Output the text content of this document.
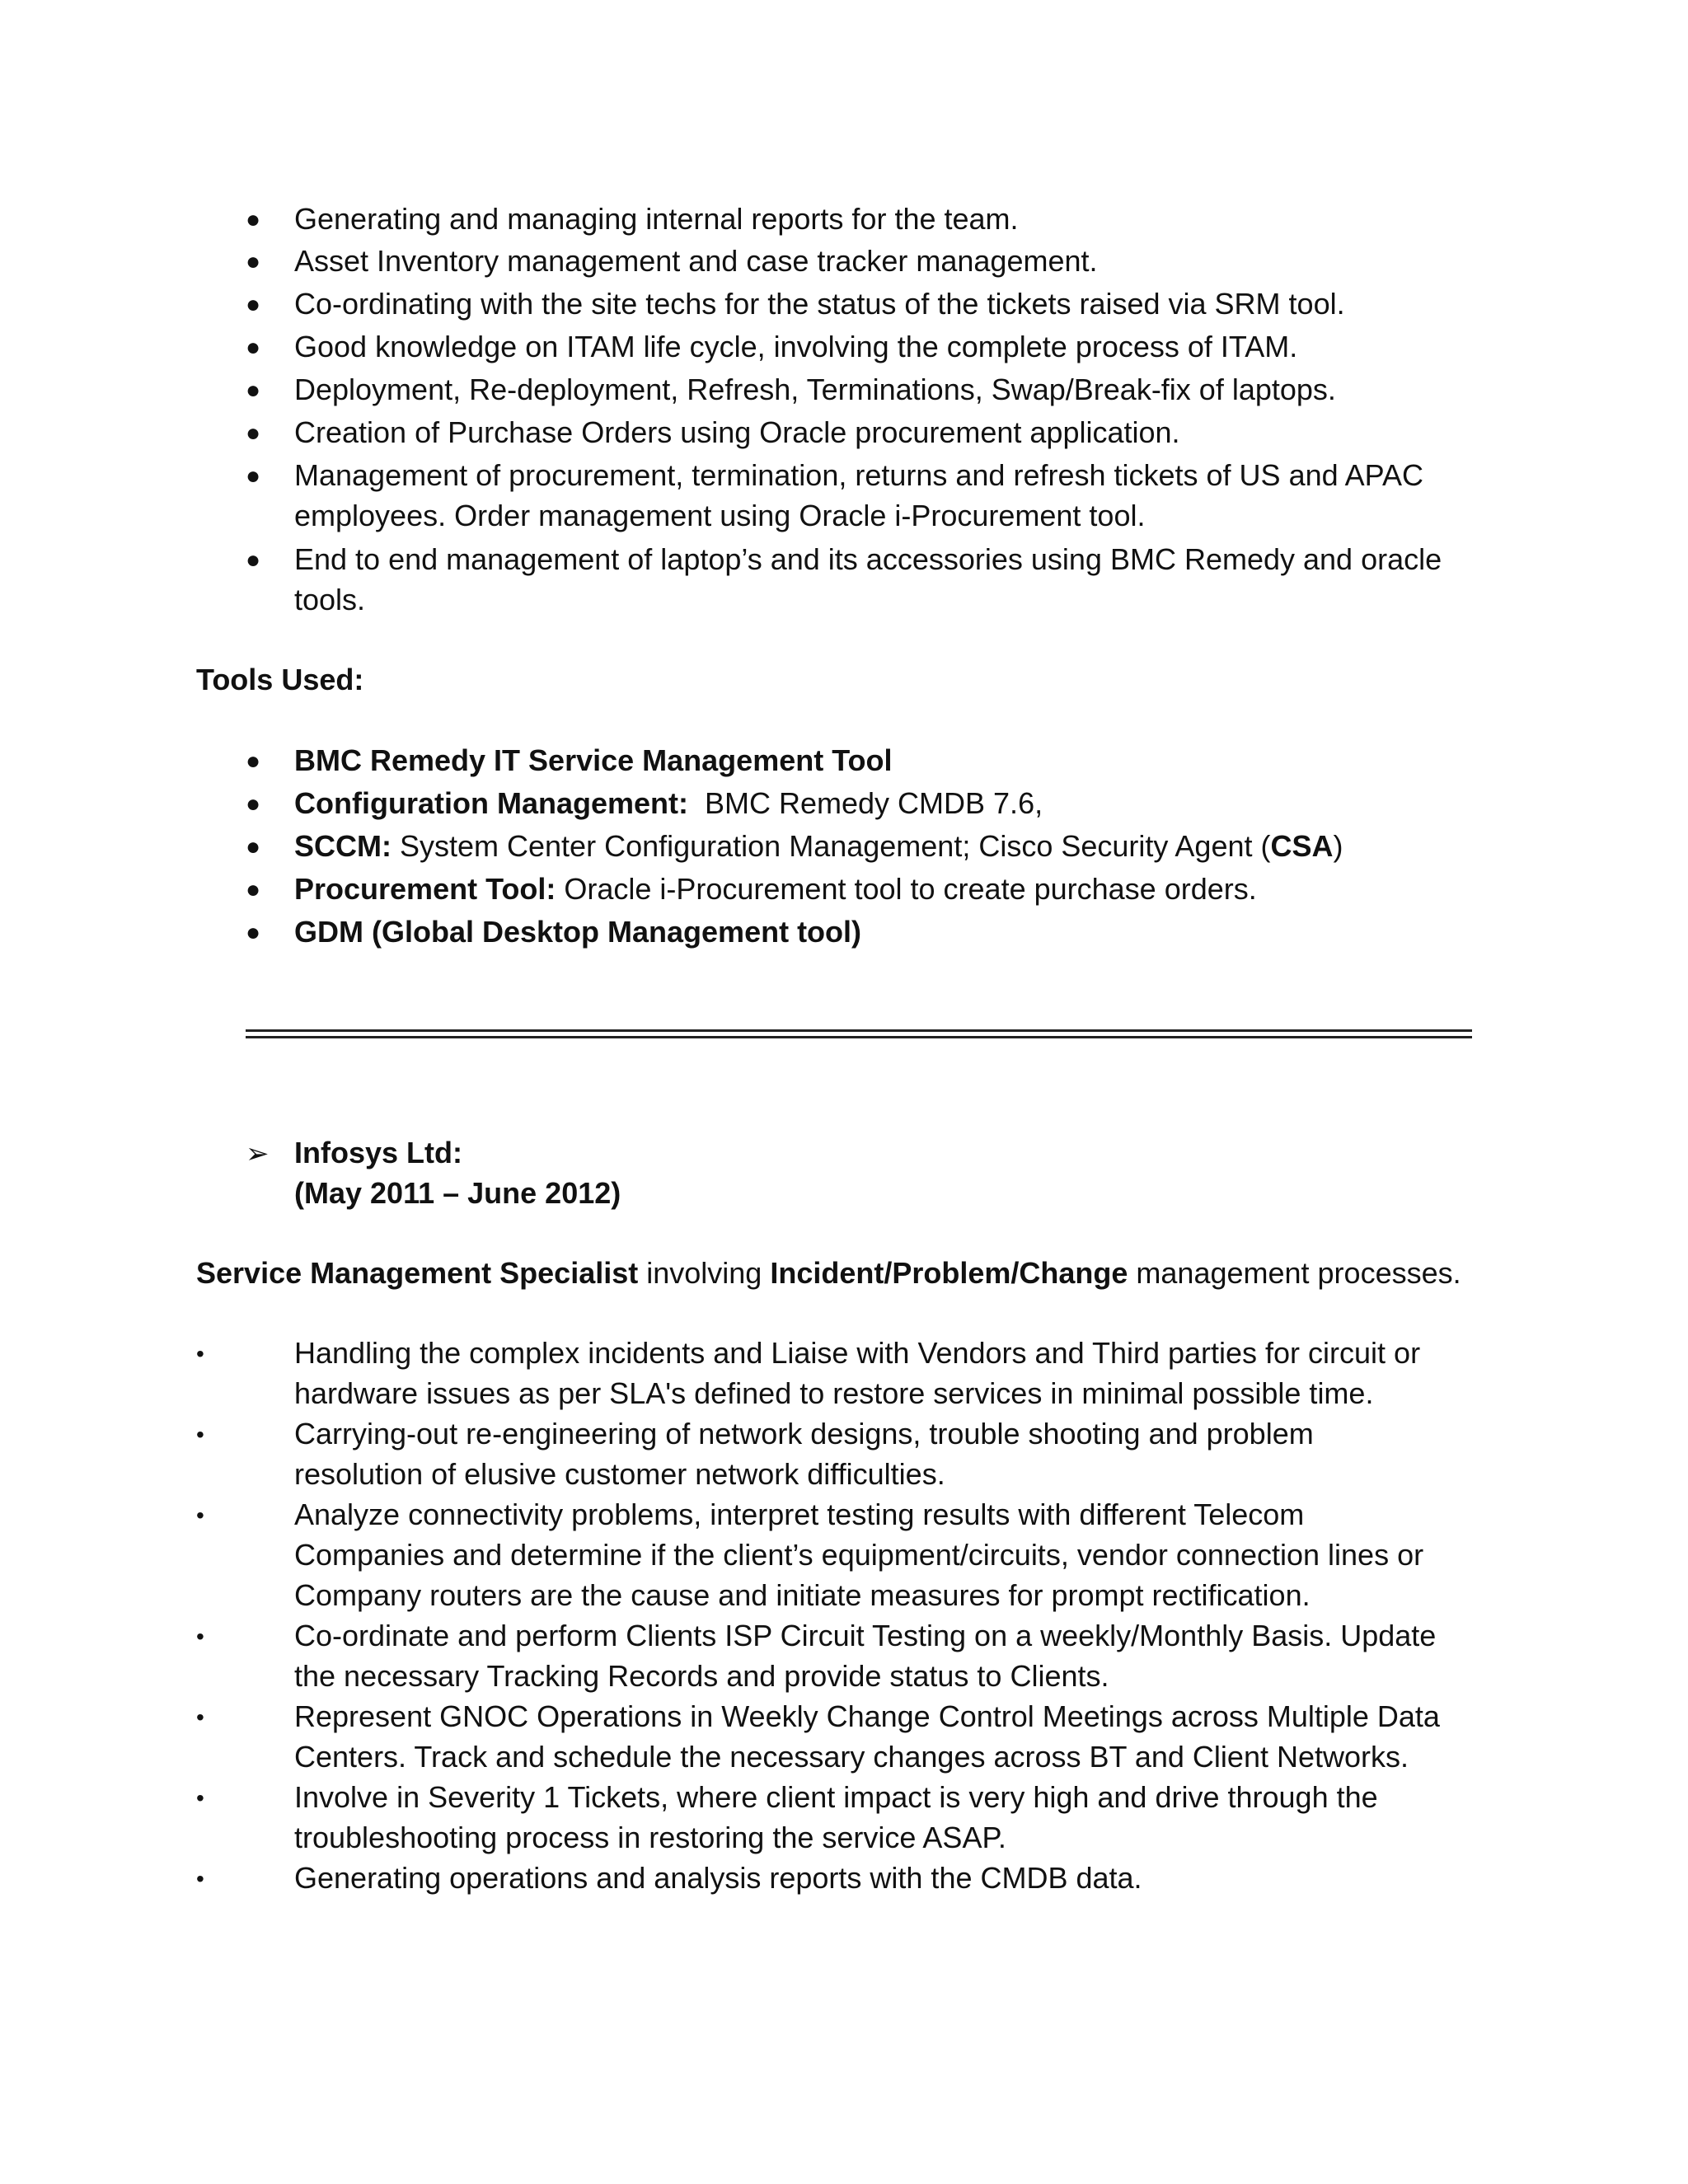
● Generating and managing internal reports for the team.
● Asset Inventory management and case tracker management.
● Co-ordinating with the site techs for the status of the tickets raised via SRM tool.
● Good knowledge on ITAM life cycle, involving the complete process of ITAM.
● Deployment, Re-deployment, Refresh, Terminations, Swap/Break-fix of laptops.
● Creation of Purchase Orders using Oracle procurement application.
● Management of procurement, termination, returns and refresh tickets of US and APAC
employees. Order management using Oracle i-Procurement tool.
● End to end management of laptop’s and its accessories using BMC Remedy and oracle
tools.
Tools Used:
● BMC Remedy IT Service Management Tool
● Configuration Management:  BMC Remedy CMDB 7.6,
● SCCM: System Center Configuration Management; Cisco Security Agent (CSA)
● Procurement Tool: Oracle i-Procurement tool to create purchase orders.
● GDM (Global Desktop Management tool)
➢ Infosys Ltd:
(May 2011 – June 2012)
Service Management Specialist involving Incident/Problem/Change management processes.
•	Handling the complex incidents and Liaise with Vendors and Third parties for circuit or
hardware issues as per SLA's defined to restore services in minimal possible time.
•	Carrying-out re-engineering of network designs, trouble shooting and problem
resolution of elusive customer network difficulties.
•	Analyze connectivity problems, interpret testing results with different Telecom
Companies and determine if the client’s equipment/circuits, vendor connection lines or
Company routers are the cause and initiate measures for prompt rectification.
•	Co-ordinate and perform Clients ISP Circuit Testing on a weekly/Monthly Basis. Update
the necessary Tracking Records and provide status to Clients.
•	Represent GNOC Operations in Weekly Change Control Meetings across Multiple Data
Centers. Track and schedule the necessary changes across BT and Client Networks.
•	Involve in Severity 1 Tickets, where client impact is very high and drive through the
troubleshooting process in restoring the service ASAP.
•	Generating operations and analysis reports with the CMDB data.
